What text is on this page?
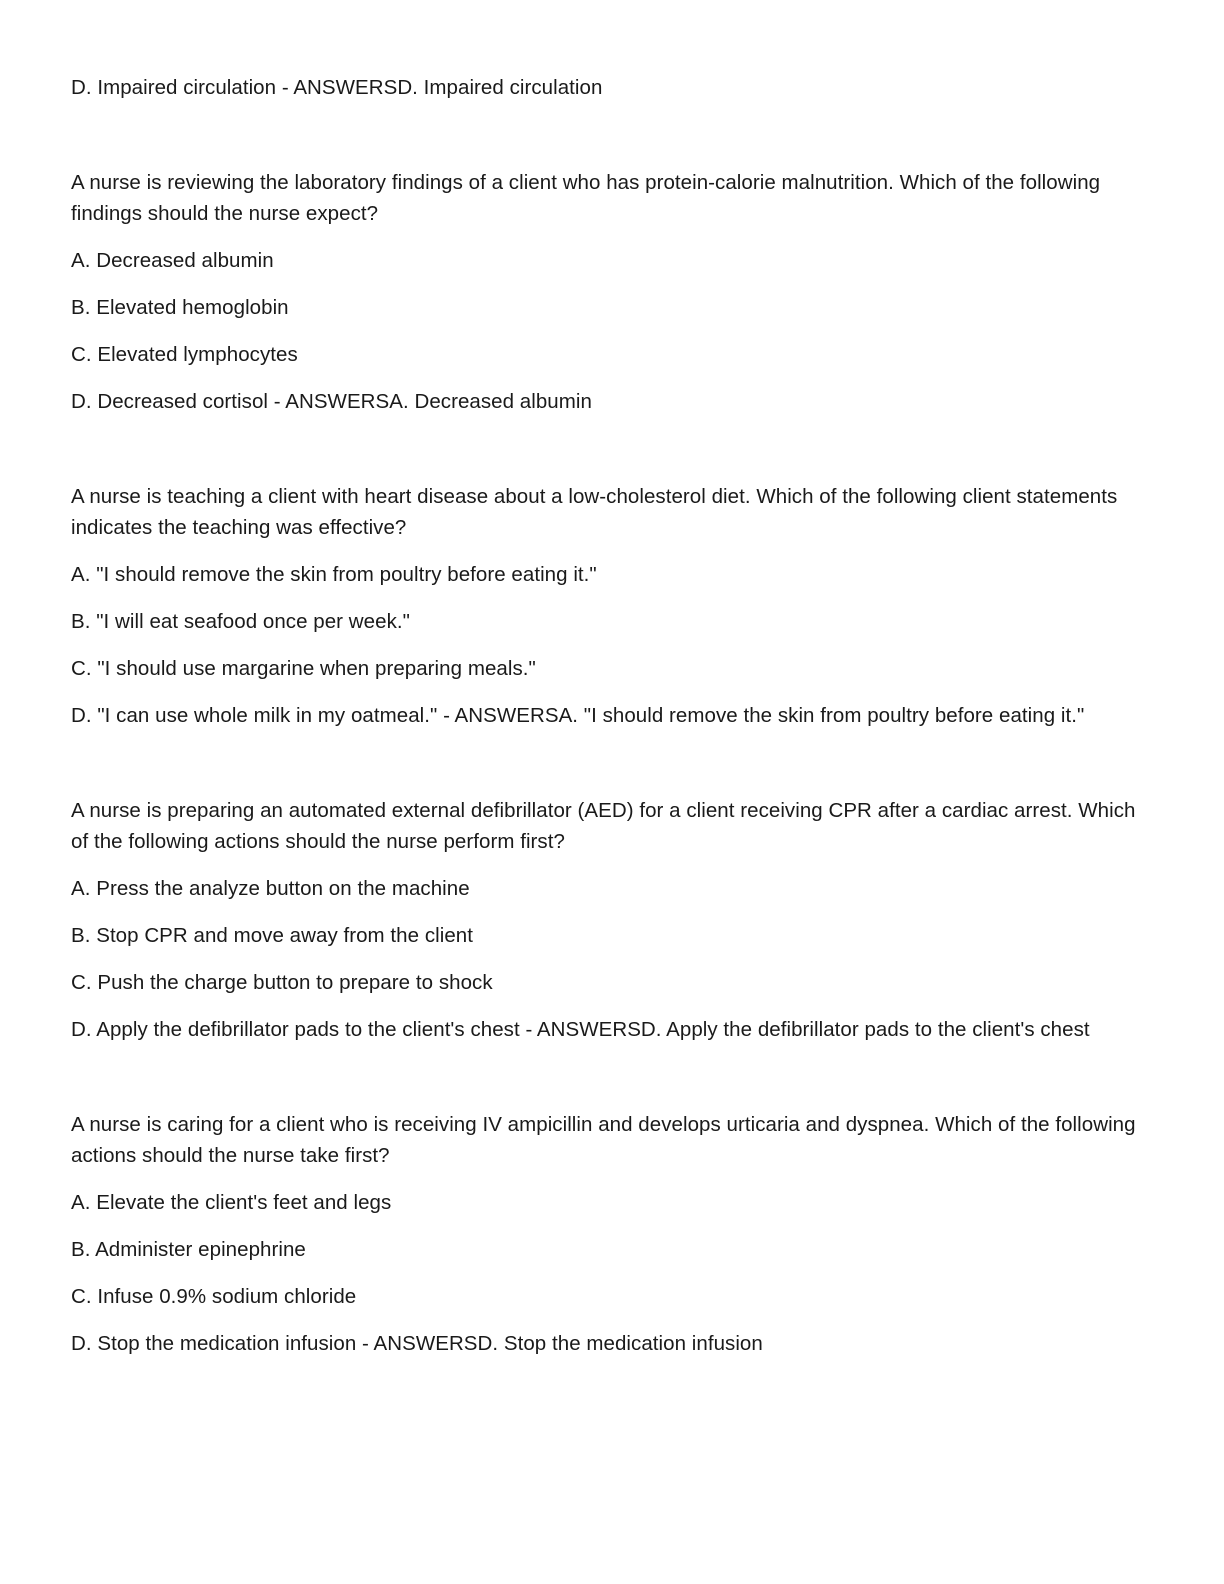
D. Impaired circulation - ANSWERSD. Impaired circulation
A nurse is reviewing the laboratory findings of a client who has protein-calorie malnutrition. Which of the following findings should the nurse expect?
A. Decreased albumin
B. Elevated hemoglobin
C. Elevated lymphocytes
D. Decreased cortisol - ANSWERSA. Decreased albumin
A nurse is teaching a client with heart disease about a low-cholesterol diet. Which of the following client statements indicates the teaching was effective?
A. "I should remove the skin from poultry before eating it."
B. "I will eat seafood once per week."
C. "I should use margarine when preparing meals."
D. "I can use whole milk in my oatmeal." - ANSWERSA. "I should remove the skin from poultry before eating it."
A nurse is preparing an automated external defibrillator (AED) for a client receiving CPR after a cardiac arrest. Which of the following actions should the nurse perform first?
A. Press the analyze button on the machine
B. Stop CPR and move away from the client
C. Push the charge button to prepare to shock
D. Apply the defibrillator pads to the client's chest - ANSWERSD. Apply the defibrillator pads to the client's chest
A nurse is caring for a client who is receiving IV ampicillin and develops urticaria and dyspnea. Which of the following actions should the nurse take first?
A. Elevate the client's feet and legs
B. Administer epinephrine
C. Infuse 0.9% sodium chloride
D. Stop the medication infusion - ANSWERSD. Stop the medication infusion
